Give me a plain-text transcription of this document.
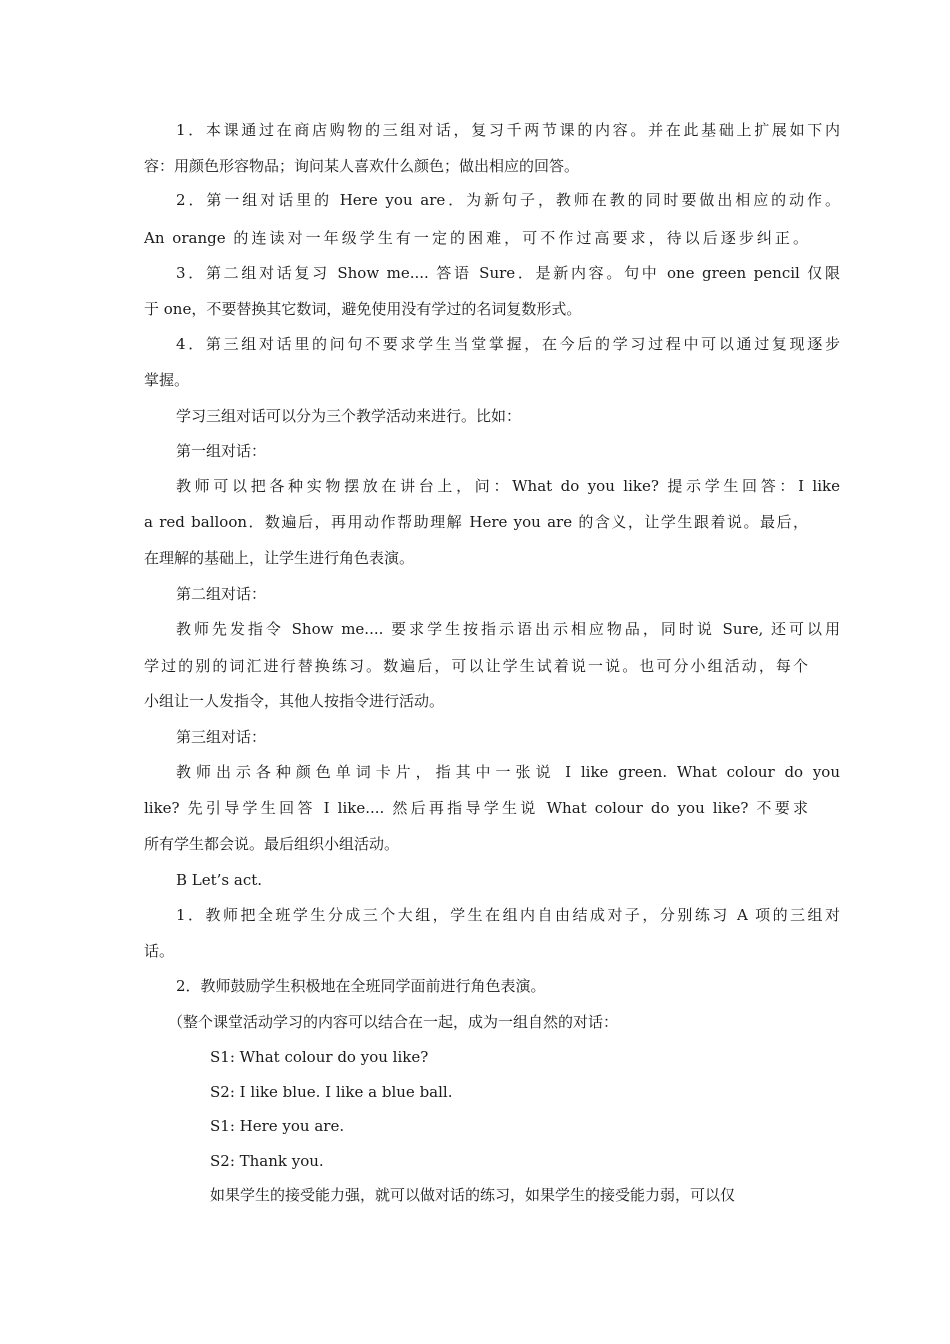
1．本课通过在商店购物的三组对话，复习千两节课的内容。并在此基础上扩展如下内
容：用颜色形容物品；询问某人喜欢什么颜色；做出相应的回答。
2．第一组对话里的 Here you are．为新句子，教师在教的同时要做出相应的动作。
An orange 的连读对一年级学生有一定的困难，可不作过高要求，待以后逐步纠正。
3．第二组对话复习 Show me.... 答语 Sure．是新内容。句中 one green pencil 仅限
于 one，不要替换其它数词，避免使用没有学过的名词复数形式。
4．第三组对话里的问句不要求学生当堂掌握，在今后的学习过程中可以通过复现逐步
掌握。
学习三组对话可以分为三个教学活动来进行。比如：
第一组对话：
教师可以把各种实物摆放在讲台上，问：What do you like? 提示学生回答：I like
a red balloon．数遍后，再用动作帮助理解 Here you are 的含义，让学生跟着说。最后，
在理解的基础上，让学生进行角色表演。
第二组对话：
教师先发指令 Show me.... 要求学生按指示语出示相应物品，同时说 Sure, 还可以用
学过的别的词汇进行替换练习。数遍后，可以让学生试着说一说。也可分小组活动，每个
小组让一人发指令，其他人按指令进行活动。
第三组对话：
教师出示各种颜色单词卡片，指其中一张说 I like green. What colour do you
like? 先引导学生回答 I like.... 然后再指导学生说 What colour do you like? 不要求
所有学生都会说。最后组织小组活动。
B Let’s act.
1．教师把全班学生分成三个大组，学生在组内自由结成对子，分别练习 A 项的三组对
话。
2．教师鼓励学生积极地在全班同学面前进行角色表演。
（整个课堂活动学习的内容可以结合在一起，成为一组自然的对话：
S1: What colour do you like?
S2: I like blue. I like a blue ball.
S1: Here you are.
S2: Thank you.
如果学生的接受能力强，就可以做对话的练习，如果学生的接受能力弱，可以仅
